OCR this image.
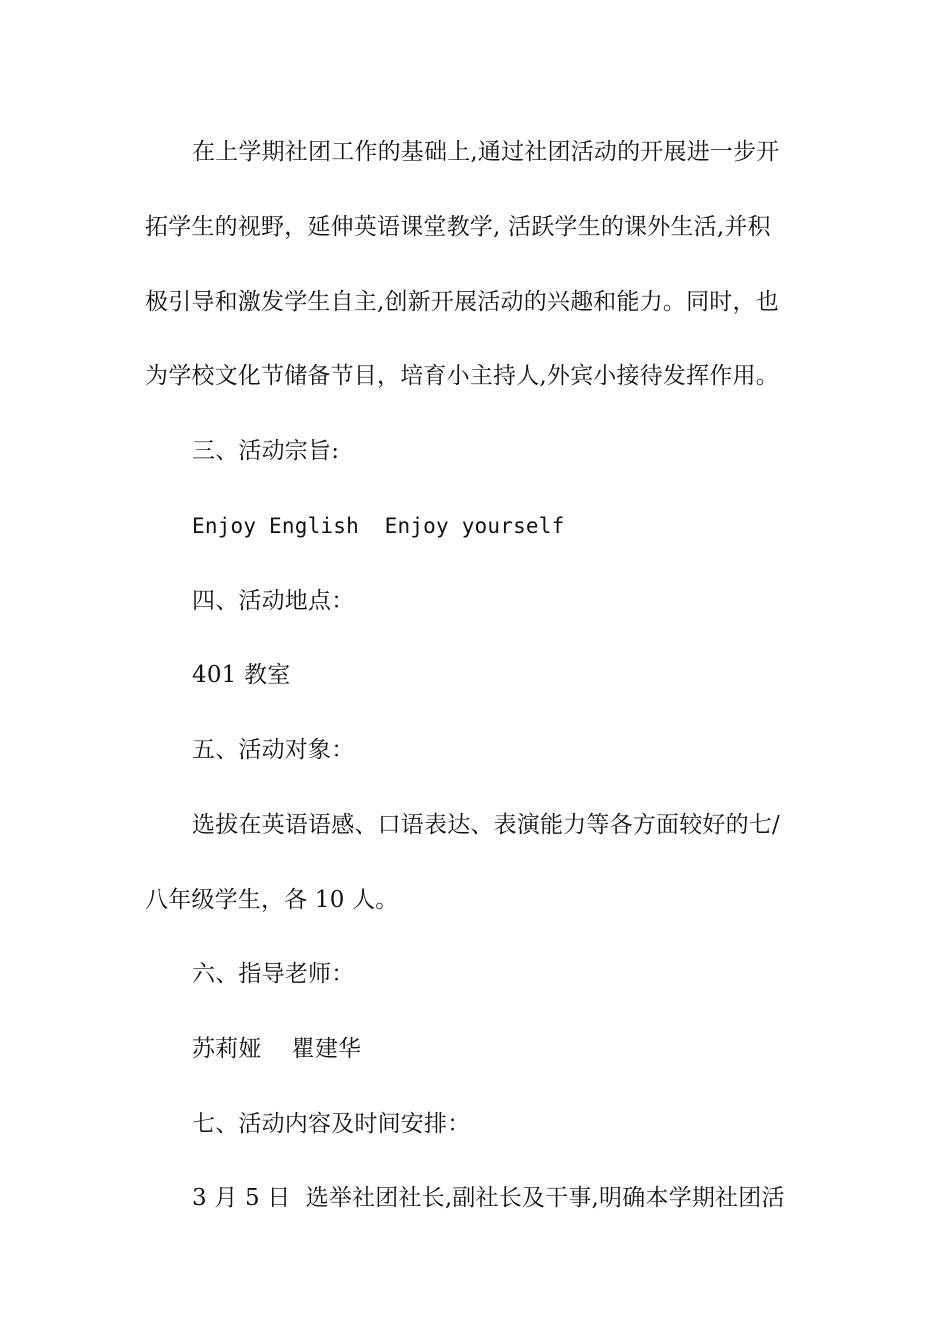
在上学期社团工作的基础上,通过社团活动的开展进一步开
拓学生的视野，延伸英语课堂教学, 活跃学生的课外生活,并积
极引导和激发学生自主,创新开展活动的兴趣和能力。同时，也
为学校文化节储备节目，培育小主持人,外宾小接待发挥作用。
三、活动宗旨:
Enjoy English  Enjoy yourself
四、活动地点：
401 教室
五、活动对象：
选拔在英语语感、口语表达、表演能力等各方面较好的七/
八年级学生，各 10 人。
六、指导老师：
苏莉娅    瞿建华
七、活动内容及时间安排：
3 月 5 日  选举社团社长,副社长及干事,明确本学期社团活
